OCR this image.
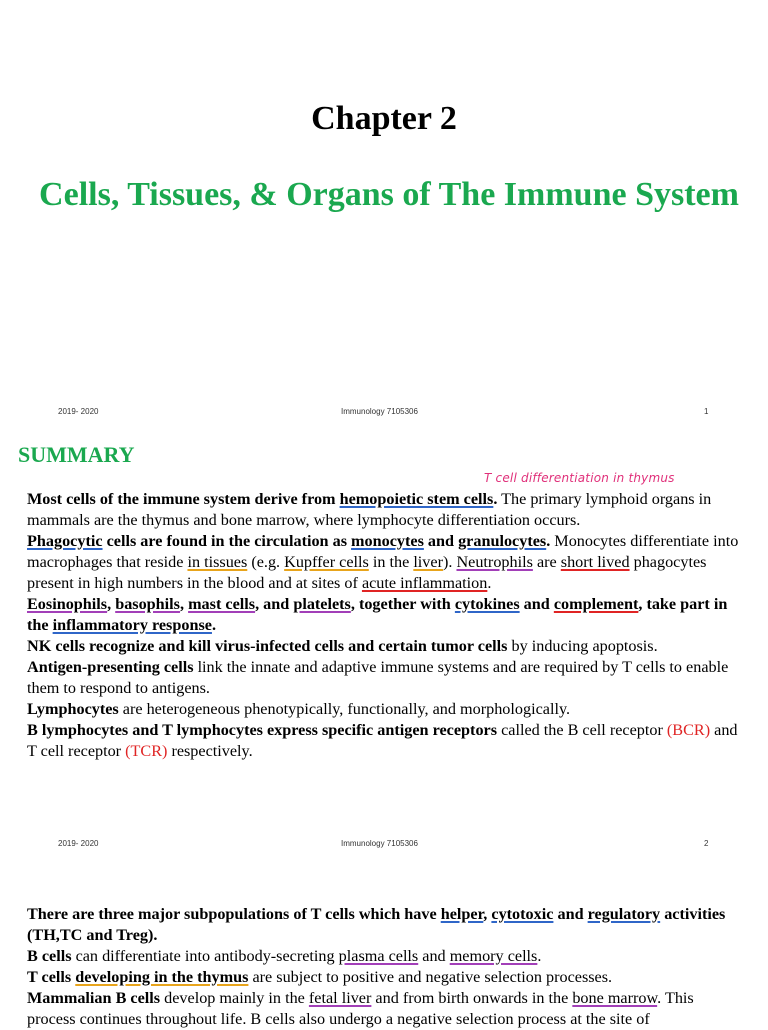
Chapter 2
Cells, Tissues, & Organs of The Immune System
2019- 2020	Immunology 7105306	1
SUMMARY
T cell differentiation in thymus

Most cells of the immune system derive from hemopoietic stem cells. The primary lymphoid organs in mammals are the thymus and bone marrow, where lymphocyte differentiation occurs.

Phagocytic cells are found in the circulation as monocytes and granulocytes. Monocytes differentiate into macrophages that reside in tissues (e.g. Kupffer cells in the liver). Neutrophils are short lived phagocytes present in high numbers in the blood and at sites of acute inflammation.

Eosinophils, basophils, mast cells, and platelets, together with cytokines and complement, take part in the inflammatory response.

NK cells recognize and kill virus-infected cells and certain tumor cells by inducing apoptosis.

Antigen-presenting cells link the innate and adaptive immune systems and are required by T cells to enable them to respond to antigens.

Lymphocytes are heterogeneous phenotypically, functionally, and morphologically.

B lymphocytes and T lymphocytes express specific antigen receptors called the B cell receptor (BCR) and T cell receptor (TCR) respectively.

2019- 2020	Immunology 7105306	2

There are three major subpopulations of T cells which have helper, cytotoxic and regulatory activities (TH,TC and Treg).

B cells can differentiate into antibody-secreting plasma cells and memory cells.

T cells developing in the thymus are subject to positive and negative selection processes.

Mammalian B cells develop mainly in the fetal liver and from birth onwards in the bone marrow. This process continues throughout life. B cells also undergo a negative selection process at the site of
